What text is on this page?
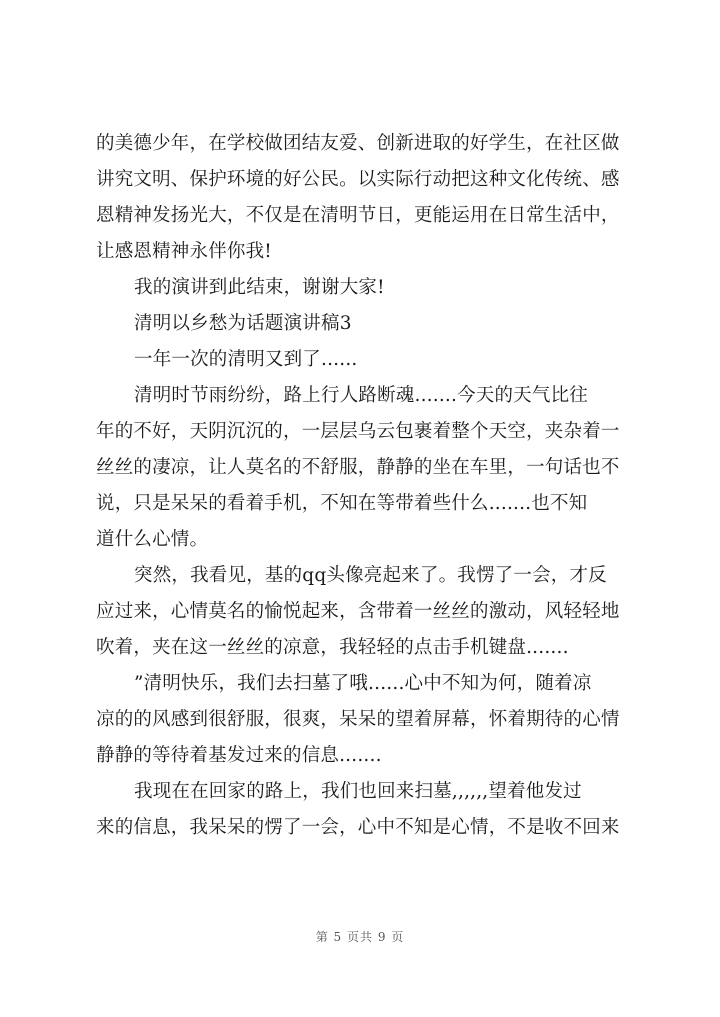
的美德少年，在学校做团结友爱、创新进取的好学生，在社区做
讲究文明、保护环境的好公民。以实际行动把这种文化传统、感
恩精神发扬光大，不仅是在清明节日，更能运用在日常生活中，
让感恩精神永伴你我!
我的演讲到此结束，谢谢大家!
清明以乡愁为话题演讲稿3
一年一次的清明又到了......
清明时节雨纷纷，路上行人路断魂.......今天的天气比往
年的不好，天阴沉沉的，一层层乌云包裹着整个天空，夹杂着一
丝丝的凄凉，让人莫名的不舒服，静静的坐在车里，一句话也不
说，只是呆呆的看着手机，不知在等带着些什么.......也不知
道什么心情。
突然，我看见，基的qq头像亮起来了。我愣了一会，才反
应过来，心情莫名的愉悦起来，含带着一丝丝的激动，风轻轻地
吹着，夹在这一丝丝的凉意，我轻轻的点击手机键盘.......
”清明快乐，我们去扫墓了哦......心中不知为何，随着凉
凉的的风感到很舒服，很爽，呆呆的望着屏幕，怀着期待的心情
静静的等待着基发过来的信息.......
我现在在回家的路上，我们也回来扫墓,,,,,,望着他发过
来的信息，我呆呆的愣了一会，心中不知是心情，不是收不回来
第 5 页共 9 页
